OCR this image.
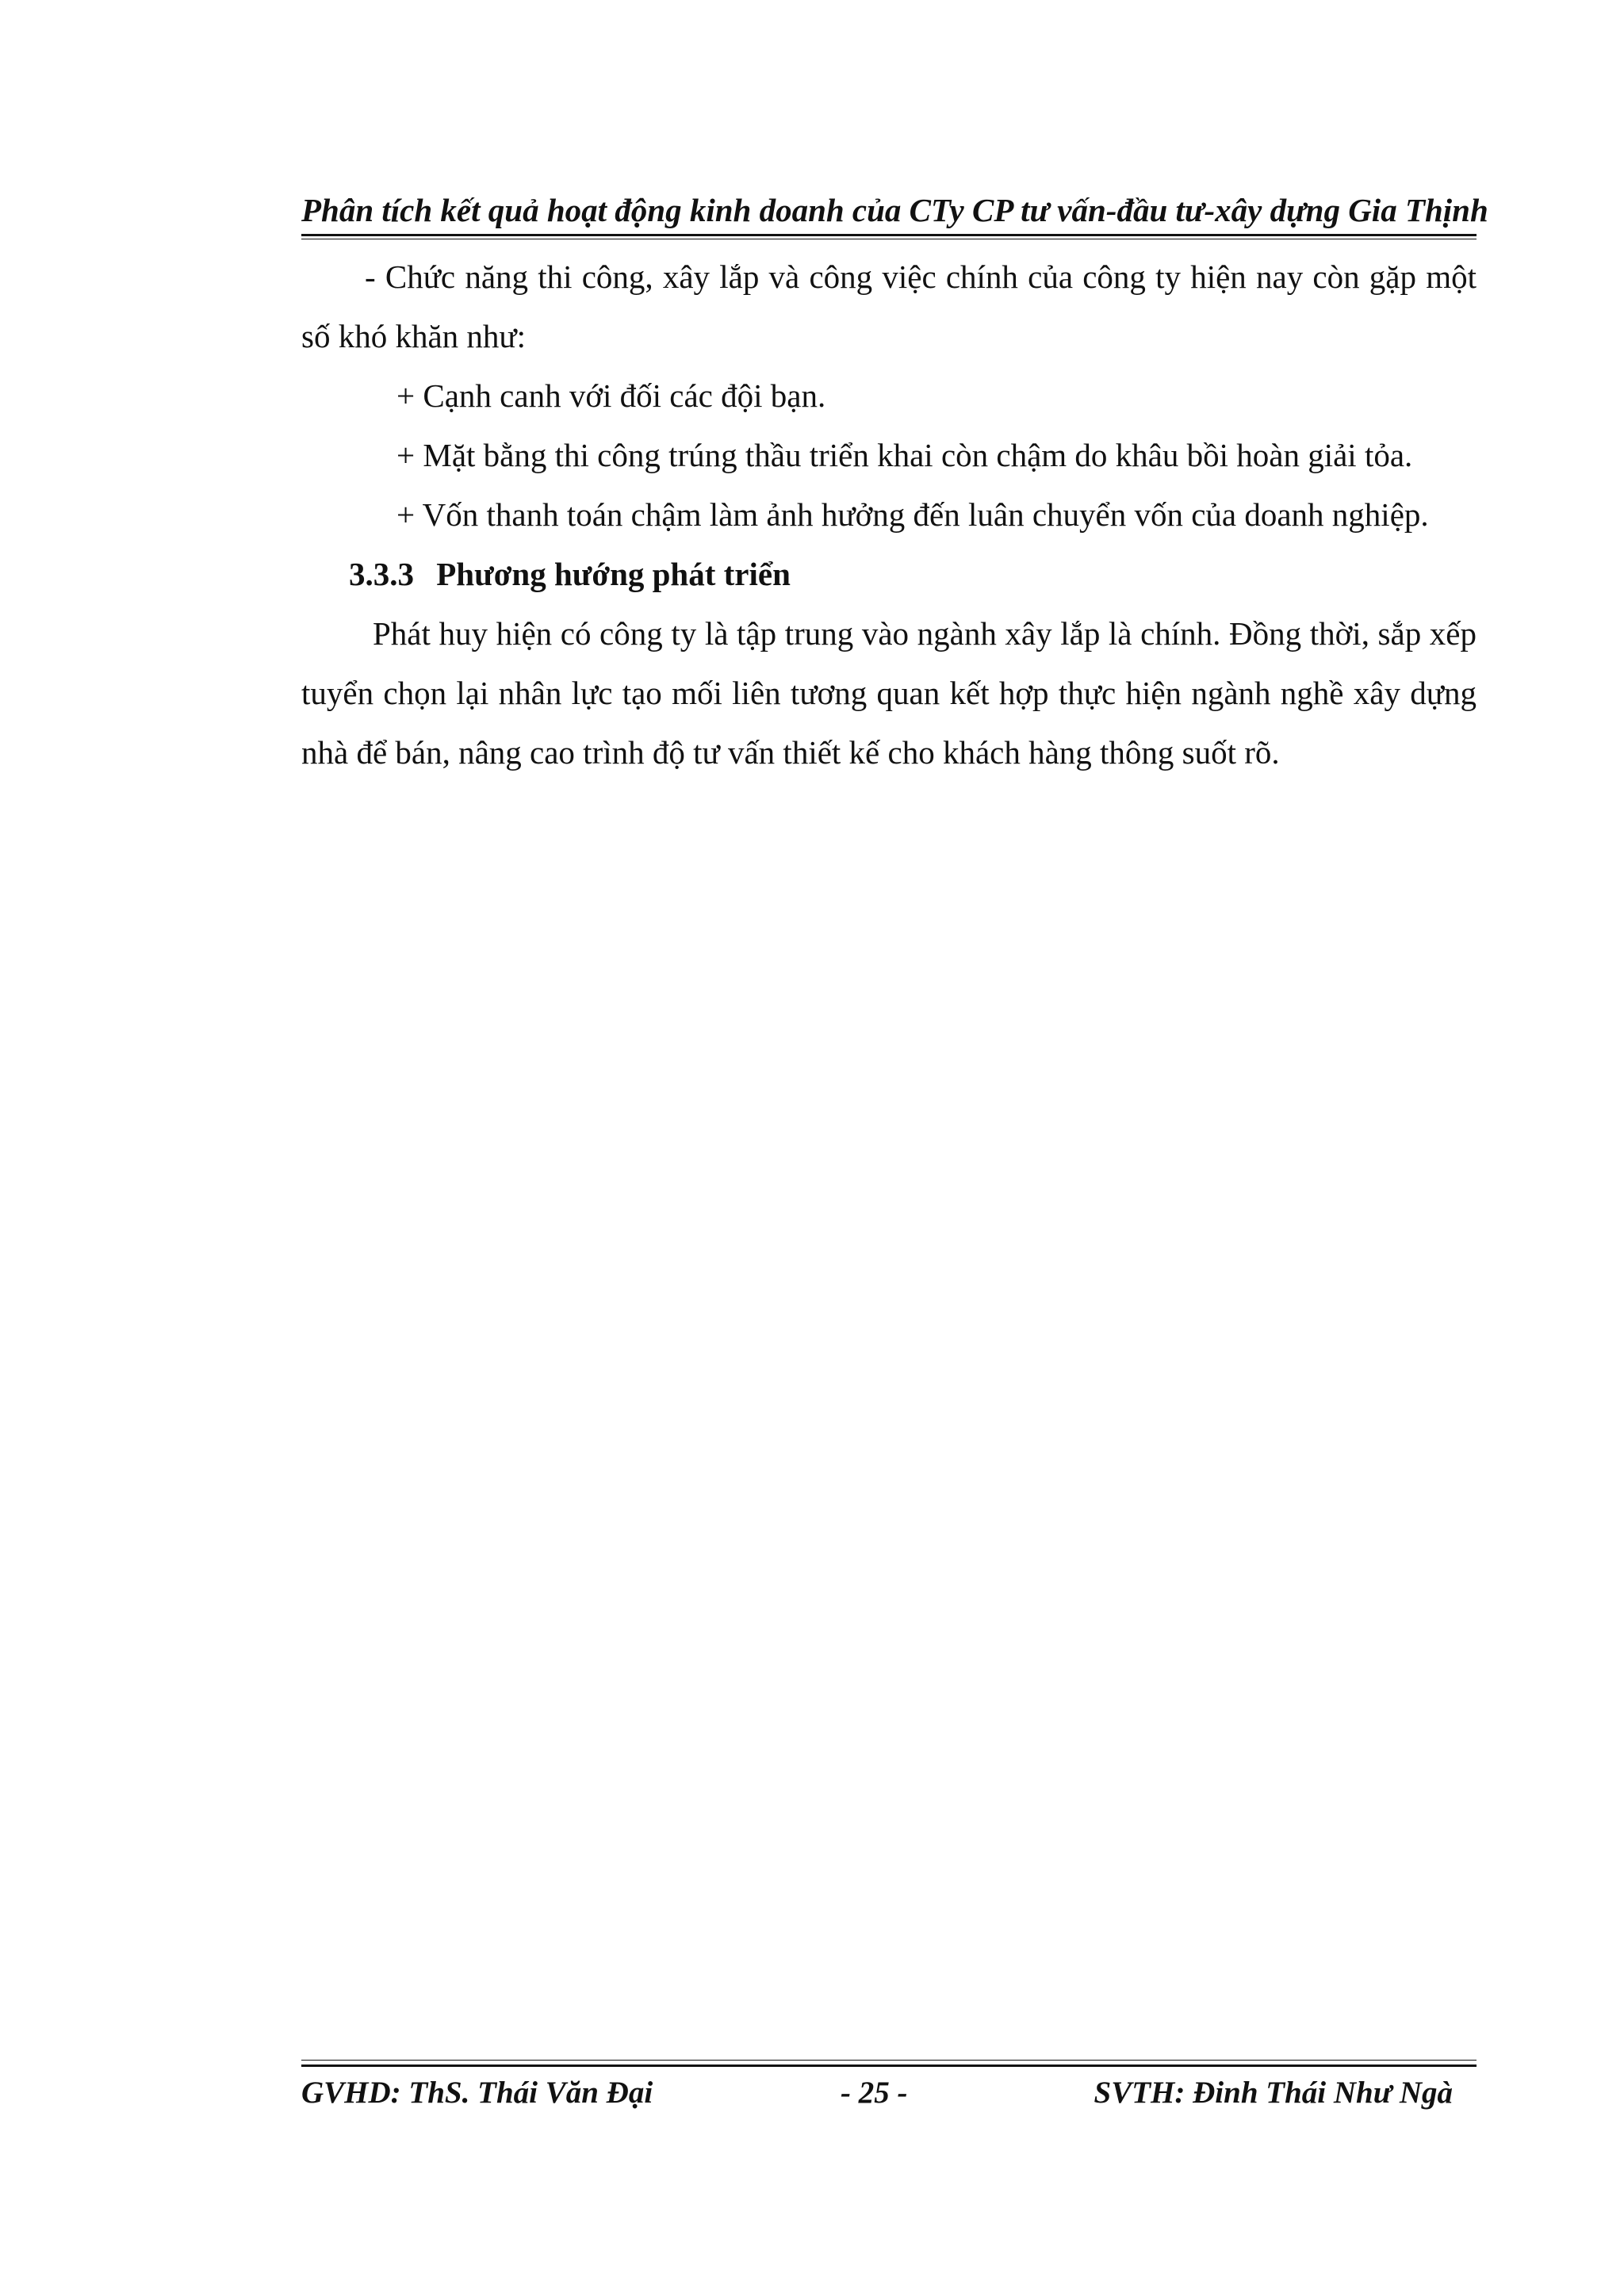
Phân tích kết quả hoạt động kinh doanh của CTy CP tư vấn-đầu tư-xây dựng Gia Thịnh

- Chức năng thi công, xây lắp và công việc chính của công ty hiện nay còn gặp một số khó khăn như:

+ Cạnh canh với đối các đội bạn.

+ Mặt bằng thi công trúng thầu triển khai còn chậm do khâu bồi hoàn giải tỏa.

+ Vốn thanh toán chậm làm ảnh hưởng đến luân chuyển vốn của doanh nghiệp.

3.3.3 Phương hướng phát triển

Phát huy hiện có công ty là tập trung vào ngành xây lắp là chính. Đồng thời, sắp xếp tuyển chọn lại nhân lực tạo mối liên tương quan kết hợp thực hiện ngành nghề xây dựng nhà để bán, nâng cao trình độ tư vấn thiết kế cho khách hàng thông suốt rõ.

GVHD: ThS. Thái Văn Đại	- 25 -	SVTH: Đinh Thái Như Ngà
